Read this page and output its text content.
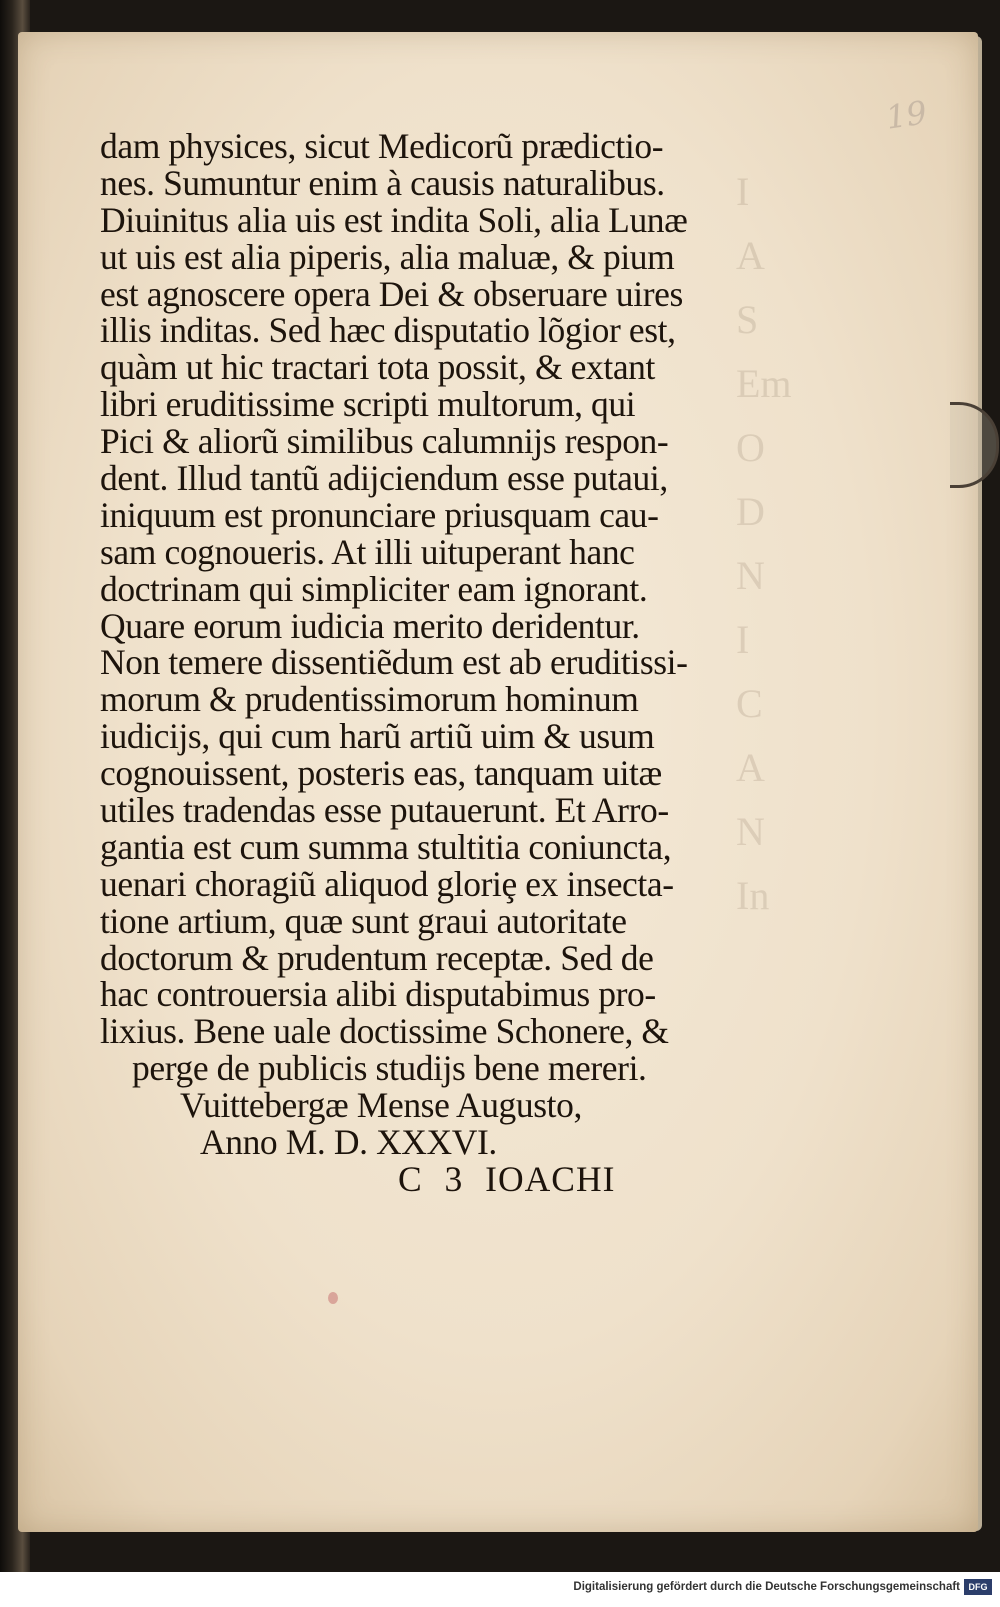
19
I
A
S
Em
O
D
N
I
C
A
N
In
dam physices, sicut Medicorũ prædictio-
nes. Sumuntur enim à causis naturalibus.
Diuinitus alia uis est indita Soli, alia Lunæ
ut uis est alia piperis, alia maluæ, & pium
est agnoscere opera Dei & obseruare uires
illis inditas. Sed hæc disputatio lõgior est,
quàm ut hic tractari tota possit, & extant
libri eruditissime scripti multorum, qui
Pici & aliorũ similibus calumnijs respon-
dent. Illud tantũ adijciendum esse putaui,
iniquum est pronunciare priusquam cau-
sam cognoueris. At illi uituperant hanc
doctrinam qui simpliciter eam ignorant.
Quare eorum iudicia merito deridentur.
Non temere dissentiẽdum est ab eruditissi-
morum & prudentissimorum hominum
iudicijs, qui cum harũ artiũ uim & usum
cognouissent, posteris eas, tanquam uitæ
utiles tradendas esse putauerunt. Et Arro-
gantia est cum summa stultitia coniuncta,
uenari choragiũ aliquod gloriȩ ex insecta-
tione artium, quæ sunt graui autoritate
doctorum & prudentum receptæ. Sed de
hac controuersia alibi disputabimus pro-
lixius. Bene uale doctissime Schonere, &
perge de publicis studijs bene mereri.
Vuittebergæ Mense Augusto,
Anno M. D. XXXVI.
C 3 IOACHI
Digitalisierung gefördert durch die Deutsche Forschungsgemeinschaft DFG
